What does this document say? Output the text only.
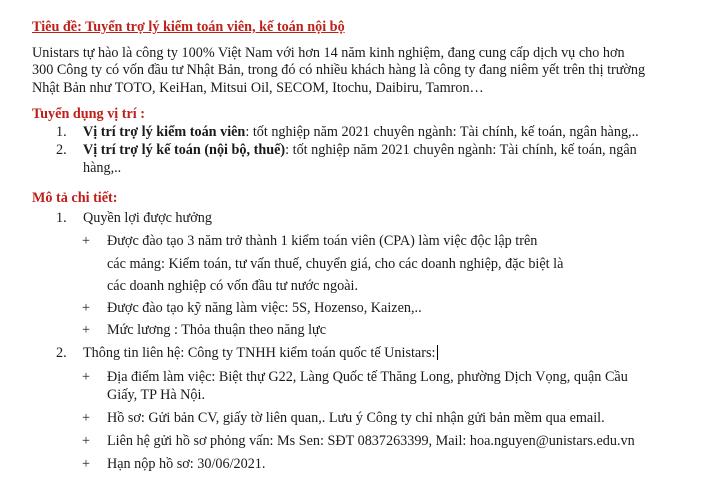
Tiêu đề: Tuyển trợ lý kiểm toán viên, kế toán nội bộ
Unistars tự hào là công ty 100% Việt Nam với hơn 14 năm kinh nghiệm, đang cung cấp dịch vụ cho hơn
300 Công ty có vốn đầu tư Nhật Bản, trong đó có nhiều khách hàng là công ty đang niêm yết trên thị trường
Nhật Bản như TOTO, KeiHan, Mitsui Oil, SECOM, Itochu, Daibiru, Tamron…
Tuyển dụng vị trí :
1. Vị trí trợ lý kiểm toán viên: tốt nghiệp năm 2021 chuyên ngành: Tài chính, kế toán, ngân hàng,..
2. Vị trí trợ lý kế toán (nội bộ, thuế): tốt nghiệp năm 2021 chuyên ngành: Tài chính, kế toán, ngân
hàng,..
Mô tả chi tiết:
1. Quyền lợi được hưởng
+ Được đào tạo 3 năm trở thành 1 kiểm toán viên (CPA) làm việc độc lập trên
các mảng: Kiểm toán, tư vấn thuế, chuyển giá, cho các doanh nghiệp, đặc biệt là
các doanh nghiệp có vốn đầu tư nước ngoài.
+ Được đào tạo kỹ năng làm việc: 5S, Hozenso, Kaizen,..
+ Mức lương : Thỏa thuận theo năng lực
2. Thông tin liên hệ: Công ty TNHH kiểm toán quốc tế Unistars:
+ Địa điểm làm việc: Biệt thự G22, Làng Quốc tế Thăng Long, phường Dịch Vọng, quận Cầu
Giấy, TP Hà Nội.
+ Hồ sơ: Gửi bản CV, giấy tờ liên quan,. Lưu ý Công ty chỉ nhận gửi bản mềm qua email.
+ Liên hệ gửi hồ sơ phỏng vấn: Ms Sen: SĐT 0837263399, Mail: hoa.nguyen@unistars.edu.vn
+ Hạn nộp hồ sơ: 30/06/2021.
